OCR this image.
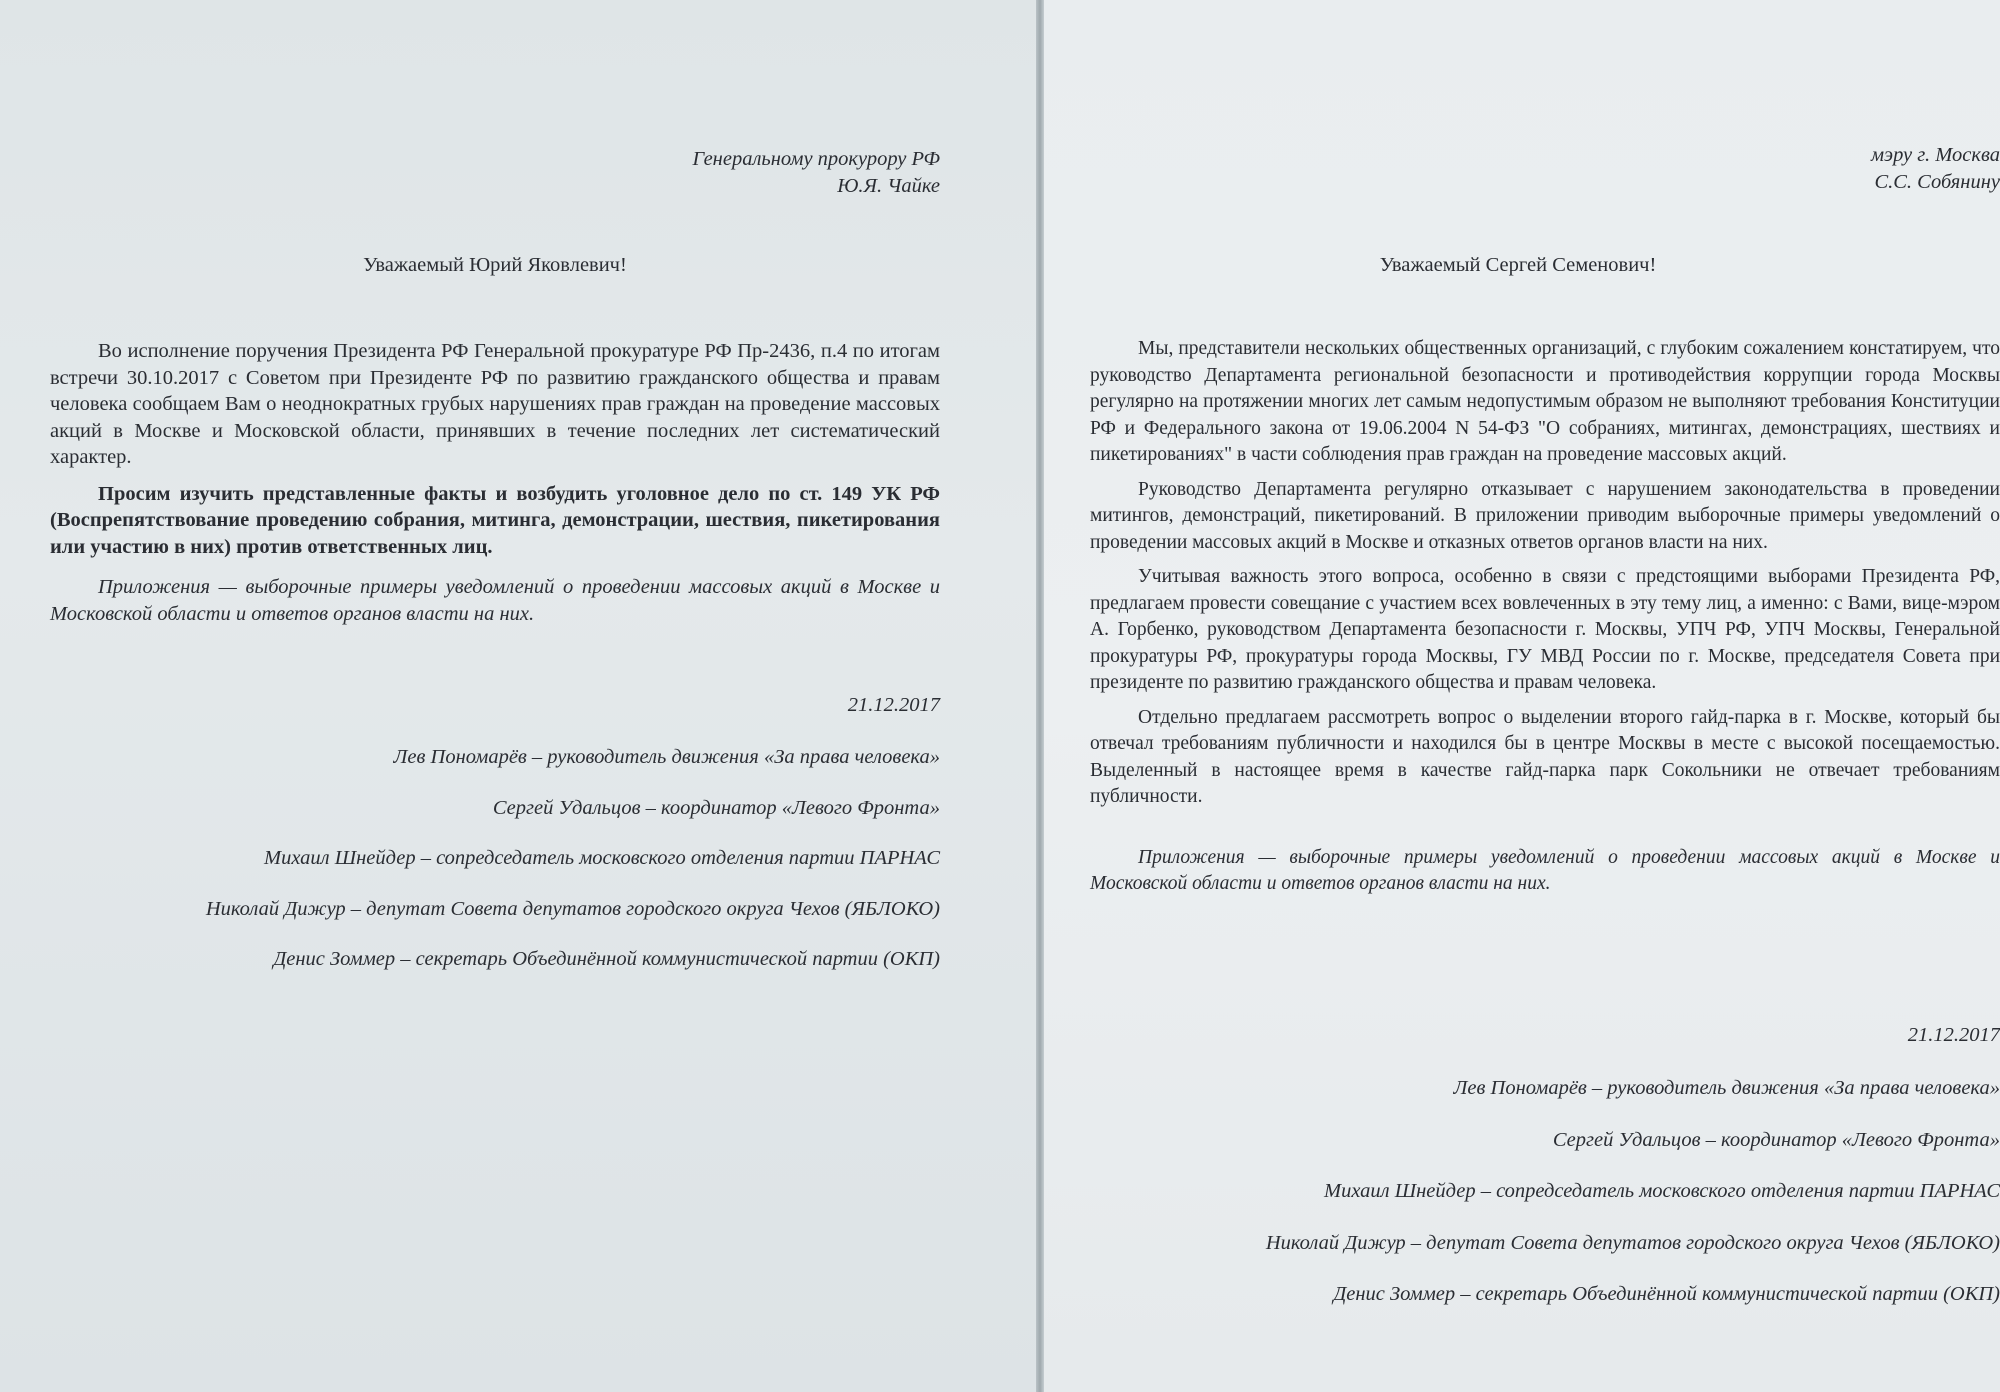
Генеральному прокурору РФ
Ю.Я. Чайке
Уважаемый Юрий Яковлевич!

Во исполнение поручения Президента РФ Генеральной прокуратуре РФ Пр-2436, п.4 по итогам встречи 30.10.2017 с Советом при Президенте РФ по развитию гражданского общества и правам человека сообщаем Вам о неоднократных грубых нарушениях прав граждан на проведение массовых акций в Москве и Московской области, принявших в течение последних лет систематический характер.

Просим изучить представленные факты и возбудить уголовное дело по ст. 149 УК РФ (Воспрепятствование проведению собрания, митинга, демонстрации, шествия, пикетирования или участию в них) против ответственных лиц.

Приложения — выборочные примеры уведомлений о проведении массовых акций в Москве и Московской области и ответов органов власти на них.

21.12.2017
Лев Пономарёв – руководитель движения «За права человека»
Сергей Удальцов – координатор «Левого Фронта»
Михаил Шнейдер – сопредседатель московского отделения партии ПАРНАС
Николай Дижур – депутат Совета депутатов городского округа Чехов (ЯБЛОКО)
Денис Зоммер – секретарь Объединённой коммунистической партии (ОКП)
мэру г. Москва
С.С. Собянину
Уважаемый Сергей Семенович!

Мы, представители нескольких общественных организаций, с глубоким сожалением констатируем, что руководство Департамента региональной безопасности и противодействия коррупции города Москвы регулярно на протяжении многих лет самым недопустимым образом не выполняют требования Конституции РФ и Федерального закона от 19.06.2004 N 54-ФЗ "О собраниях, митингах, демонстрациях, шествиях и пикетированиях" в части соблюдения прав граждан на проведение массовых акций.

Руководство Департамента регулярно отказывает с нарушением законодательства в проведении митингов, демонстраций, пикетирований. В приложении приводим выборочные примеры уведомлений о проведении массовых акций в Москве и отказных ответов органов власти на них.

Учитывая важность этого вопроса, особенно в связи с предстоящими выборами Президента РФ, предлагаем провести совещание с участием всех вовлеченных в эту тему лиц, а именно: с Вами, вице-мэром А. Горбенко, руководством Департамента безопасности г. Москвы, УПЧ РФ, УПЧ Москвы, Генеральной прокуратуры РФ, прокуратуры города Москвы, ГУ МВД России по г. Москве, председателя Совета при президенте по развитию гражданского общества и правам человека.

Отдельно предлагаем рассмотреть вопрос о выделении второго гайд-парка в г. Москве, который бы отвечал требованиям публичности и находился бы в центре Москвы в месте с высокой посещаемостью. Выделенный в настоящее время в качестве гайд-парка парк Сокольники не отвечает требованиям публичности.

Приложения — выборочные примеры уведомлений о проведении массовых акций в Москве и Московской области и ответов органов власти на них.

21.12.2017
Лев Пономарёв – руководитель движения «За права человека»
Сергей Удальцов – координатор «Левого Фронта»
Михаил Шнейдер – сопредседатель московского отделения партии ПАРНАС
Николай Дижур – депутат Совета депутатов городского округа Чехов (ЯБЛОКО)
Денис Зоммер – секретарь Объединённой коммунистической партии (ОКП)
